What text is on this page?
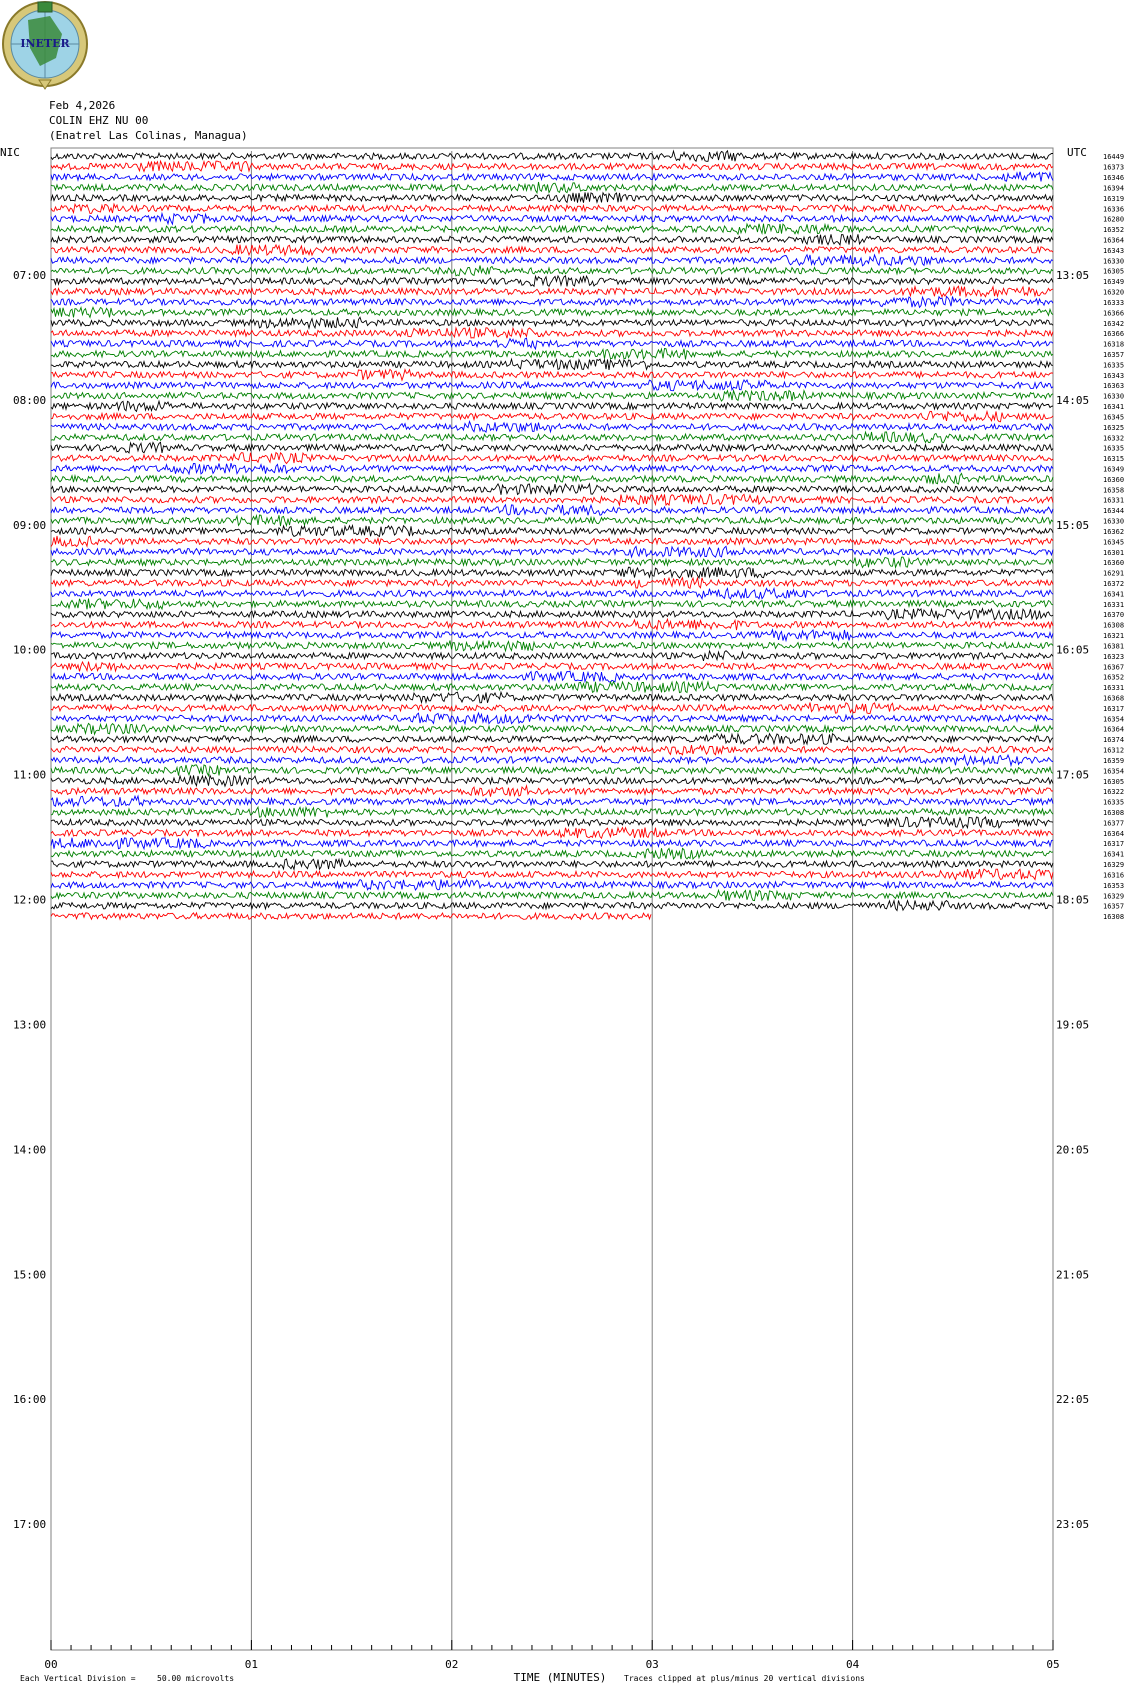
INETER
Feb 4,2026
COLIN EHZ NU 00
(Enatrel Las Colinas, Managua)
16449
16373
16346
16394
16319
16336
16280
16352
16364
16343
16330
16305
16349
16320
16333
16366
16342
16366
16318
16357
16335
16343
16363
16330
16341
16345
16325
16332
16335
16315
16349
16360
16358
16331
16344
16330
16362
16345
16301
16360
16291
16372
16341
16331
16370
16308
16321
16381
16323
16367
16352
16331
16368
16317
16354
16364
16374
16312
16359
16354
16305
16322
16335
16308
16377
16364
16317
16341
16329
16316
16353
16329
16357
16308
NIC	UTC
07:00
08:00
09:00
10:00
11:00
12:00
13:00
14:00
15:00
16:00
17:00
13:05
14:05
15:05
16:05
17:05
18:05
19:05
20:05
21:05
22:05
23:05
00	01	02	03	04	05
TIME (MINUTES)
Each Vertical Division =	50.00 microvolts	Traces clipped at plus/minus 20 vertical divisions
